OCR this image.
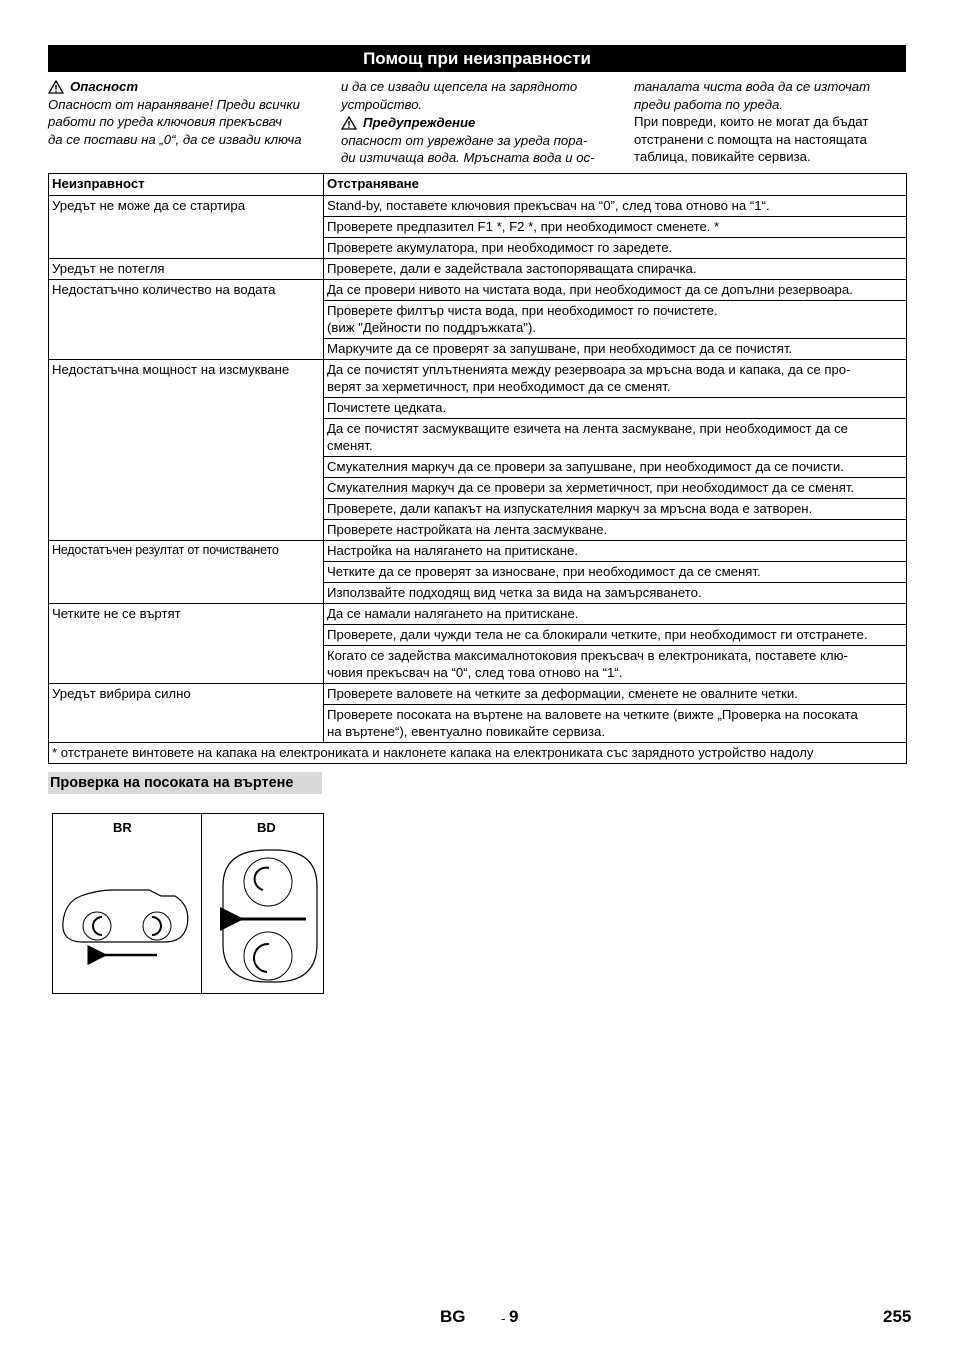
Помощ при неизправности
Опасност
Опасност от нараняване! Преди всички
работи по уреда ключовия прекъсвач
да се постави на „0“, да се извади ключа
и да се извади щепсела на зарядното
устройство.
Предупреждение
опасност от увреждане за уреда пора-
ди изтичаща вода. Мръсната вода и ос-
таналата чиста вода да се източат
преди работа по уреда.
При повреди, които не могат да бъдат
отстранени с помощта на настоящата
таблица, повикайте сервиза.
Неизправност	Отстраняване
Уредът не може да се стартира	Stand-by, поставете ключовия прекъсвач на “0”, след това отново на “1“.
	Проверете предпазител F1 *, F2 *, при необходимост сменете. *
	Проверете акумулатора, при необходимост го заредете.
Уредът не потегля	Проверете, дали е задействала застопоряващата спирачка.
Недостатъчно количество на водата	Да се провери нивото на чистата вода, при необходимост да се допълни резервоара.
	Проверете филтър чиста вода, при необходимост го почистете.
(виж "Дейности по поддръжката").
	Маркучите да се проверят за запушване, при необходимост да се почистят.
Недостатъчна мощност на изсмукване	Да се почистят уплътненията между резервоара за мръсна вода и капака, да се про-
верят за херметичност, при необходимост да се сменят.
	Почистете цедката.
	Да се почистят засмукващите езичета на лента засмукване, при необходимост да се
сменят.
	Смукателния маркуч да се провери за запушване, при необходимост да се почисти.
	Смукателния маркуч да се провери за херметичност, при необходимост да се сменят.
	Проверете, дали капакът на изпускателния маркуч за мръсна вода е затворен.
	Проверете настройката на лента засмукване.
Недостатъчен резултат от почистването	Настройка на налягането на притискане.
	Четките да се проверят за износване, при необходимост да се сменят.
	Използвайте подходящ вид четка за вида на замърсяването.
Четките не се въртят	Да се намали налягането на притискане.
	Проверете, дали чужди тела не са блокирали четките, при необходимост ги отстранете.
	Когато се задейства максималнотоковия прекъсвач в електрониката, поставете клю-
човия прекъсвач на “0“, след това отново на “1“.
Уредът вибрира силно	Проверете валовете на четките за деформации, сменете не овалните четки.
	Проверете посоката на въртене на валовете на четките (вижте „Проверка на посоката
на въртене“), евентуално повикайте сервиза.
* отстранете винтовете на капака на електрониката и наклонете капака на електрониката със зарядното устройство надолу	
Проверка на посоката на въртене
BR	BD
BG	- 9	255
